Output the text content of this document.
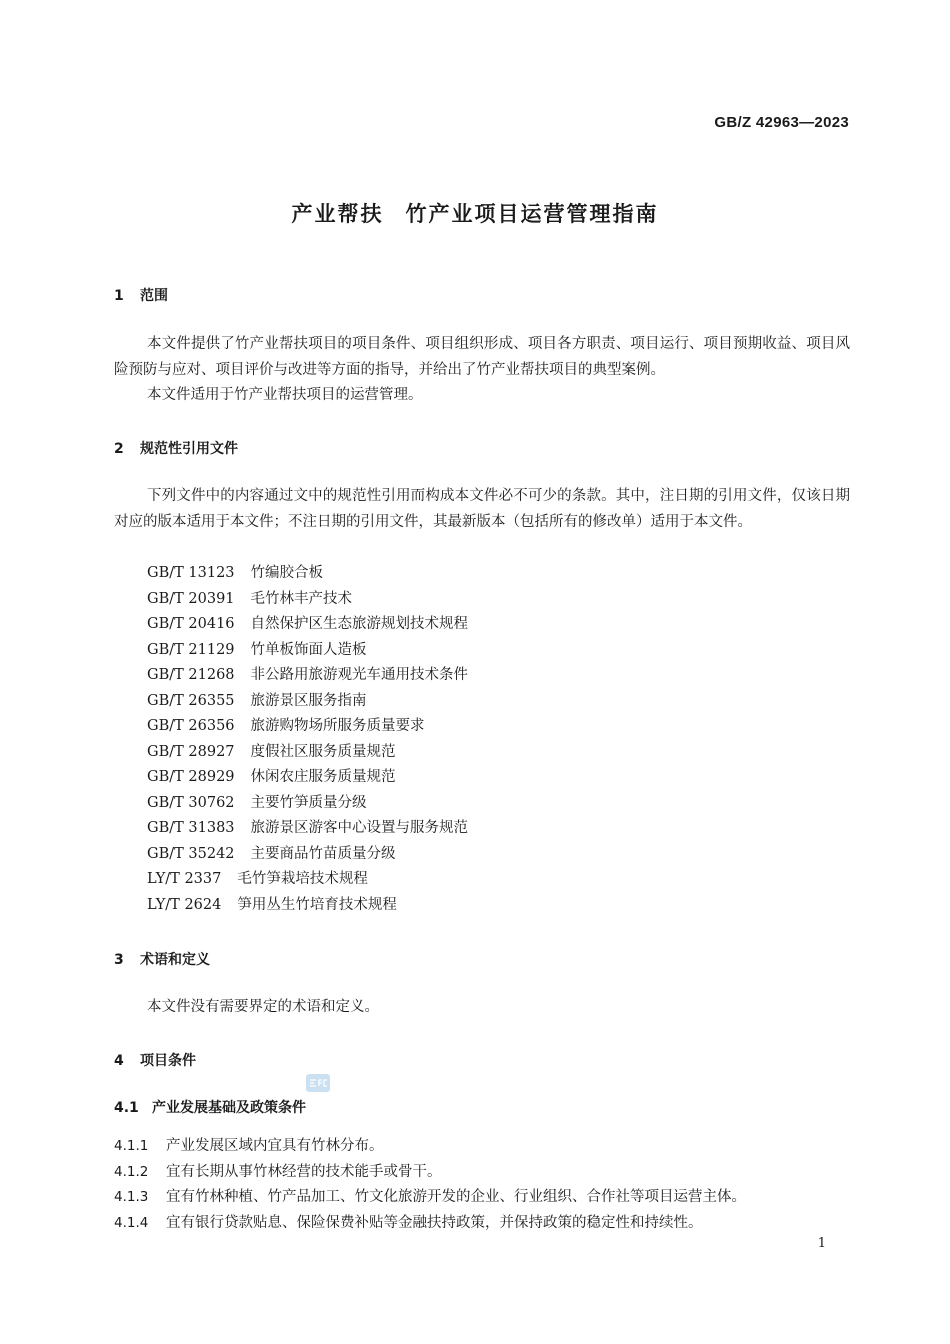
GB/Z 42963—2023
产业帮扶 竹产业项目运营管理指南
1 范围

本文件提供了竹产业帮扶项目的项目条件、项目组织形成、项目各方职责、项目运行、项目预期收益、项目风险预防与应对、项目评价与改进等方面的指导，并给出了竹产业帮扶项目的典型案例。

本文件适用于竹产业帮扶项目的运营管理。

2 规范性引用文件

下列文件中的内容通过文中的规范性引用而构成本文件必不可少的条款。其中，注日期的引用文件，仅该日期对应的版本适用于本文件；不注日期的引用文件，其最新版本（包括所有的修改单）适用于本文件。

GB/T 13123 竹编胶合板
GB/T 20391 毛竹林丰产技术
GB/T 20416 自然保护区生态旅游规划技术规程
GB/T 21129 竹单板饰面人造板
GB/T 21268 非公路用旅游观光车通用技术条件
GB/T 26355 旅游景区服务指南
GB/T 26356 旅游购物场所服务质量要求
GB/T 28927 度假社区服务质量规范
GB/T 28929 休闲农庄服务质量规范
GB/T 30762 主要竹笋质量分级
GB/T 31383 旅游景区游客中心设置与服务规范
GB/T 35242 主要商品竹苗质量分级
LY/T 2337 毛竹笋栽培技术规程
LY/T 2624 笋用丛生竹培育技术规程
3 术语和定义

本文件没有需要界定的术语和定义。

4 项目条件
4.1 产业发展基础及政策条件
4.1.1 产业发展区域内宜具有竹林分布。
4.1.2 宜有长期从事竹林经营的技术能手或骨干。
4.1.3 宜有竹林种植、竹产品加工、竹文化旅游开发的企业、行业组织、合作社等项目运营主体。
4.1.4 宜有银行贷款贴息、保险保费补贴等金融扶持政策，并保持政策的稳定性和持续性。
1
